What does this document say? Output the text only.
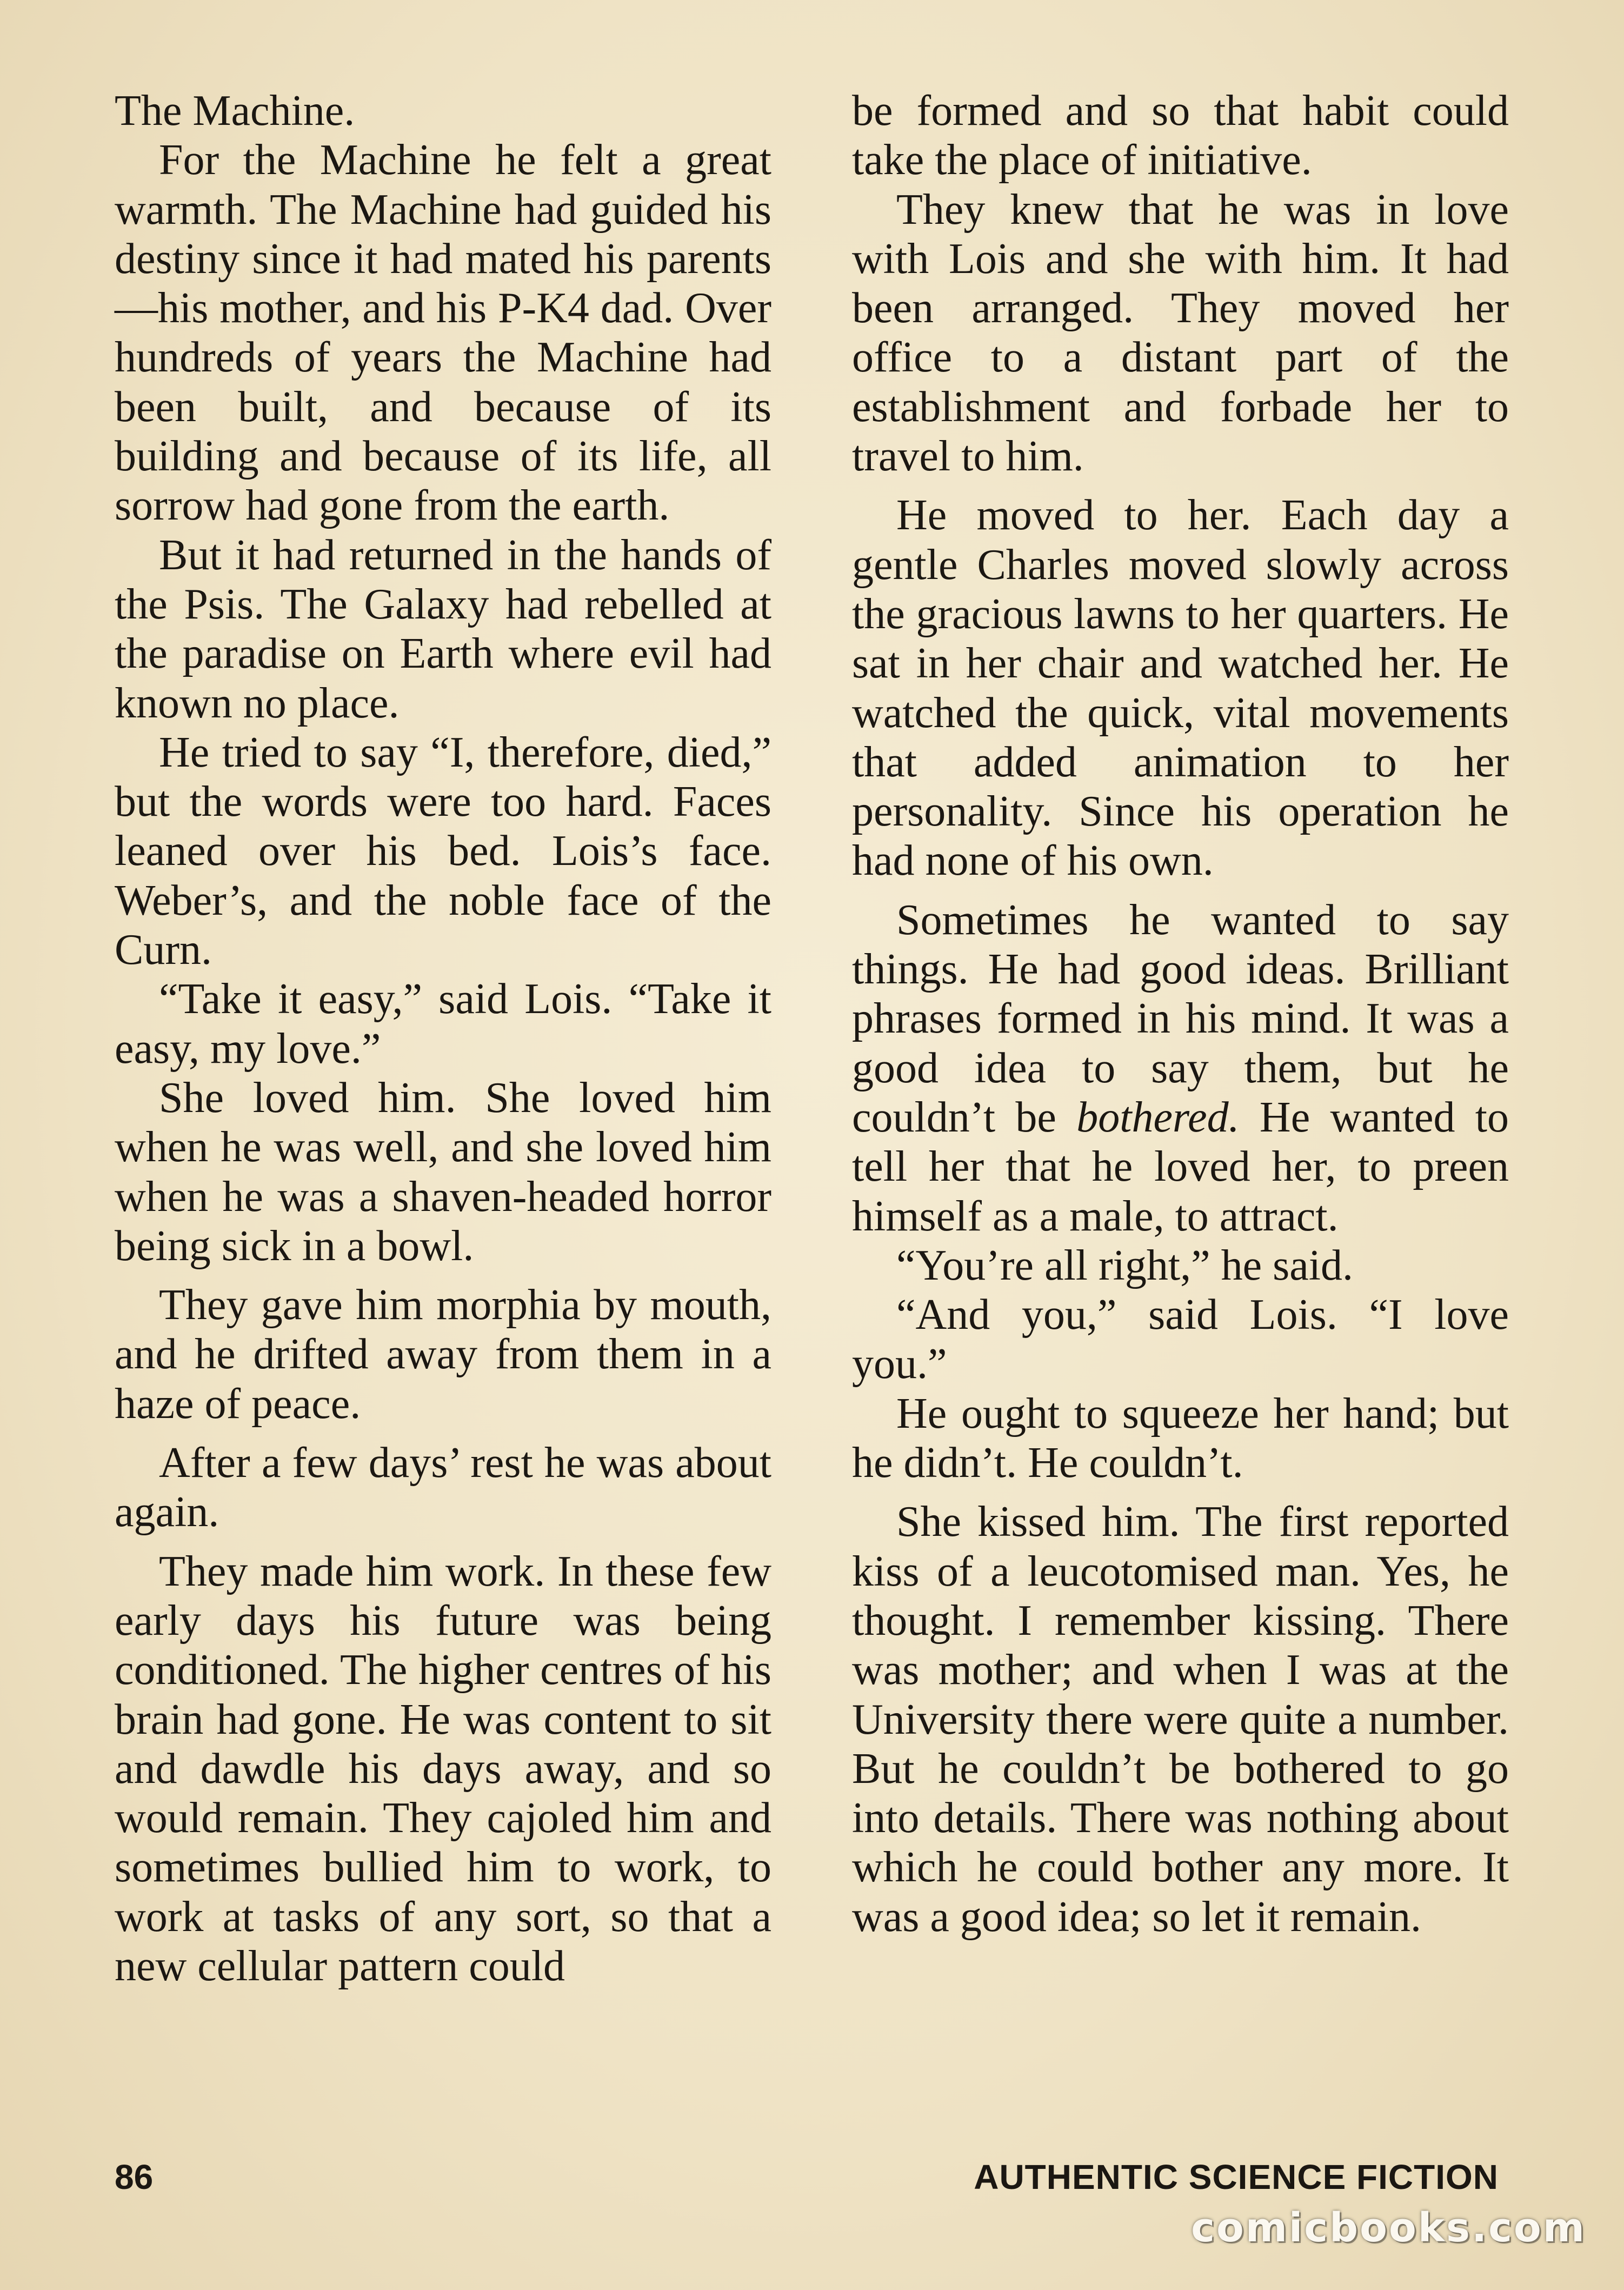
The Machine.

For the Machine he felt a great warmth. The Machine had guided his destiny since it had mated his parents—his mother, and his P-K4 dad. Over hundreds of years the Machine had been built, and because of its building and because of its life, all sorrow had gone from the earth.

But it had returned in the hands of the Psis. The Galaxy had rebelled at the paradise on Earth where evil had known no place.

He tried to say “I, therefore, died,” but the words were too hard. Faces leaned over his bed. Lois’s face. Weber’s, and the noble face of the Curn.

“Take it easy,” said Lois. “Take it easy, my love.”

She loved him. She loved him when he was well, and she loved him when he was a shaven-headed horror being sick in a bowl.

They gave him morphia by mouth, and he drifted away from them in a haze of peace.

After a few days’ rest he was about again.

They made him work. In these few early days his future was being conditioned. The higher centres of his brain had gone. He was content to sit and dawdle his days away, and so would remain. They cajoled him and sometimes bullied him to work, to work at tasks of any sort, so that a new cellular pattern could

be formed and so that habit could take the place of initiative.

They knew that he was in love with Lois and she with him. It had been arranged. They moved her office to a distant part of the establishment and forbade her to travel to him.

He moved to her. Each day a gentle Charles moved slowly across the gracious lawns to her quarters. He sat in her chair and watched her. He watched the quick, vital movements that added animation to her personality. Since his operation he had none of his own.

Sometimes he wanted to say things. He had good ideas. Brilliant phrases formed in his mind. It was a good idea to say them, but he couldn’t be bothered. He wanted to tell her that he loved her, to preen himself as a male, to attract.

“You’re all right,” he said.

“And you,” said Lois. “I love you.”

He ought to squeeze her hand; but he didn’t. He couldn’t.

She kissed him. The first reported kiss of a leucotomised man. Yes, he thought. I remember kissing. There was mother; and when I was at the University there were quite a number. But he couldn’t be bothered to go into details. There was nothing about which he could bother any more. It was a good idea; so let it remain.

86	AUTHENTIC SCIENCE FICTION
comicbooks.com
